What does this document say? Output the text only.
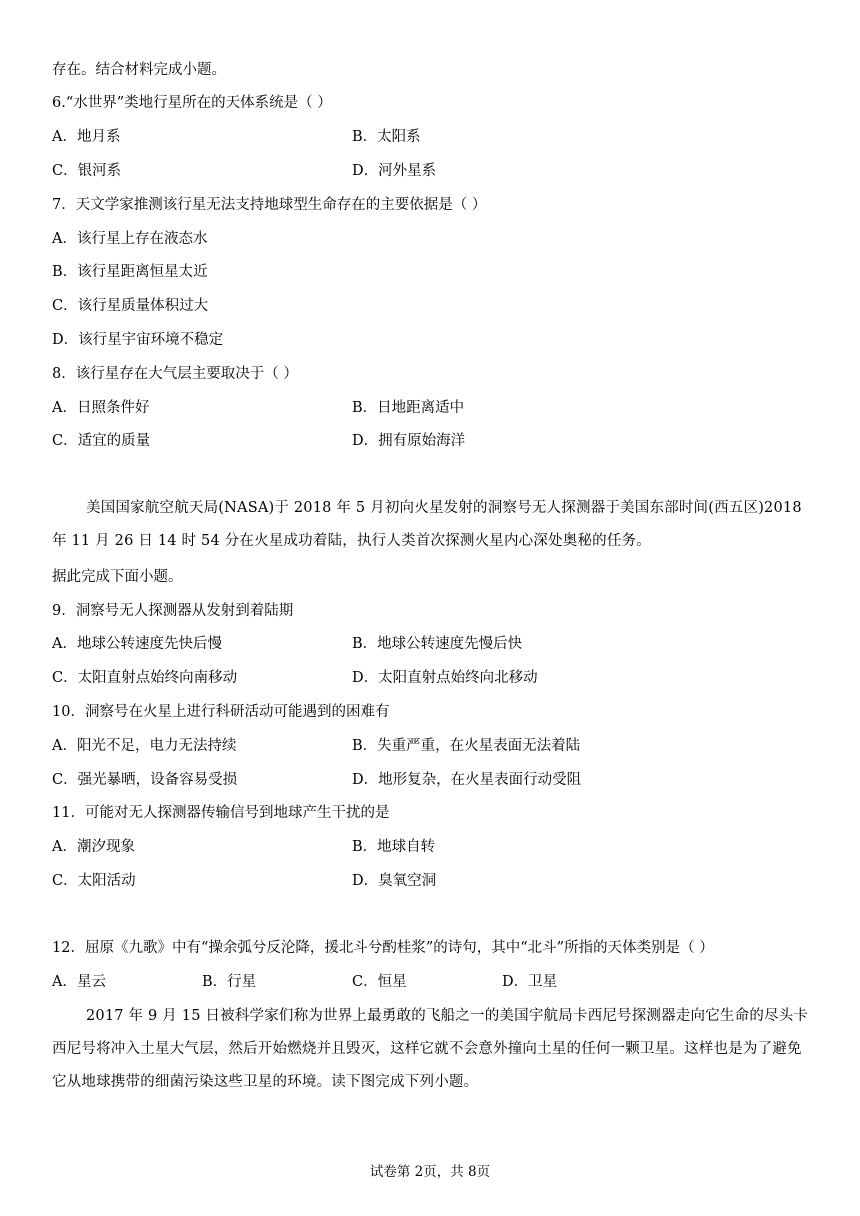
存在。结合材料完成小题。
6.“水世界”类地行星所在的天体系统是（ ）
A．地月系	B．太阳系
C．银河系	D．河外星系
7．天文学家推测该行星无法支持地球型生命存在的主要依据是（ ）
A．该行星上存在液态水
B．该行星距离恒星太近
C．该行星质量体积过大
D．该行星宇宙环境不稳定
8．该行星存在大气层主要取决于（ ）
A．日照条件好	B．日地距离适中
C．适宜的质量	D．拥有原始海洋
美国国家航空航天局(NASA)于 2018 年 5 月初向火星发射的洞察号无人探测器于美国东部时间(西五区)2018 年 11 月 26 日 14 时 54 分在火星成功着陆，执行人类首次探测火星内心深处奥秘的任务。
据此完成下面小题。
9．洞察号无人探测器从发射到着陆期
A．地球公转速度先快后慢	B．地球公转速度先慢后快
C．太阳直射点始终向南移动	D．太阳直射点始终向北移动
10．洞察号在火星上进行科研活动可能遇到的困难有
A．阳光不足，电力无法持续	B．失重严重，在火星表面无法着陆
C．强光暴晒，设备容易受损	D．地形复杂，在火星表面行动受阻
11．可能对无人探测器传输信号到地球产生干扰的是
A．潮汐现象	B．地球自转
C．太阳活动	D．臭氧空洞
12．屈原《九歌》中有“操余弧兮反沦降，援北斗兮酌桂浆”的诗句，其中“北斗”所指的天体类别是（ ）
A．星云	B．行星	C．恒星	D．卫星
2017 年 9 月 15 日被科学家们称为世界上最勇敢的飞船之一的美国宇航局卡西尼号探测器走向它生命的尽头卡西尼号将冲入土星大气层，然后开始燃烧并且毁灭，这样它就不会意外撞向土星的任何一颗卫星。这样也是为了避免它从地球携带的细菌污染这些卫星的环境。读下图完成下列小题。
试卷第 2页，共 8页
